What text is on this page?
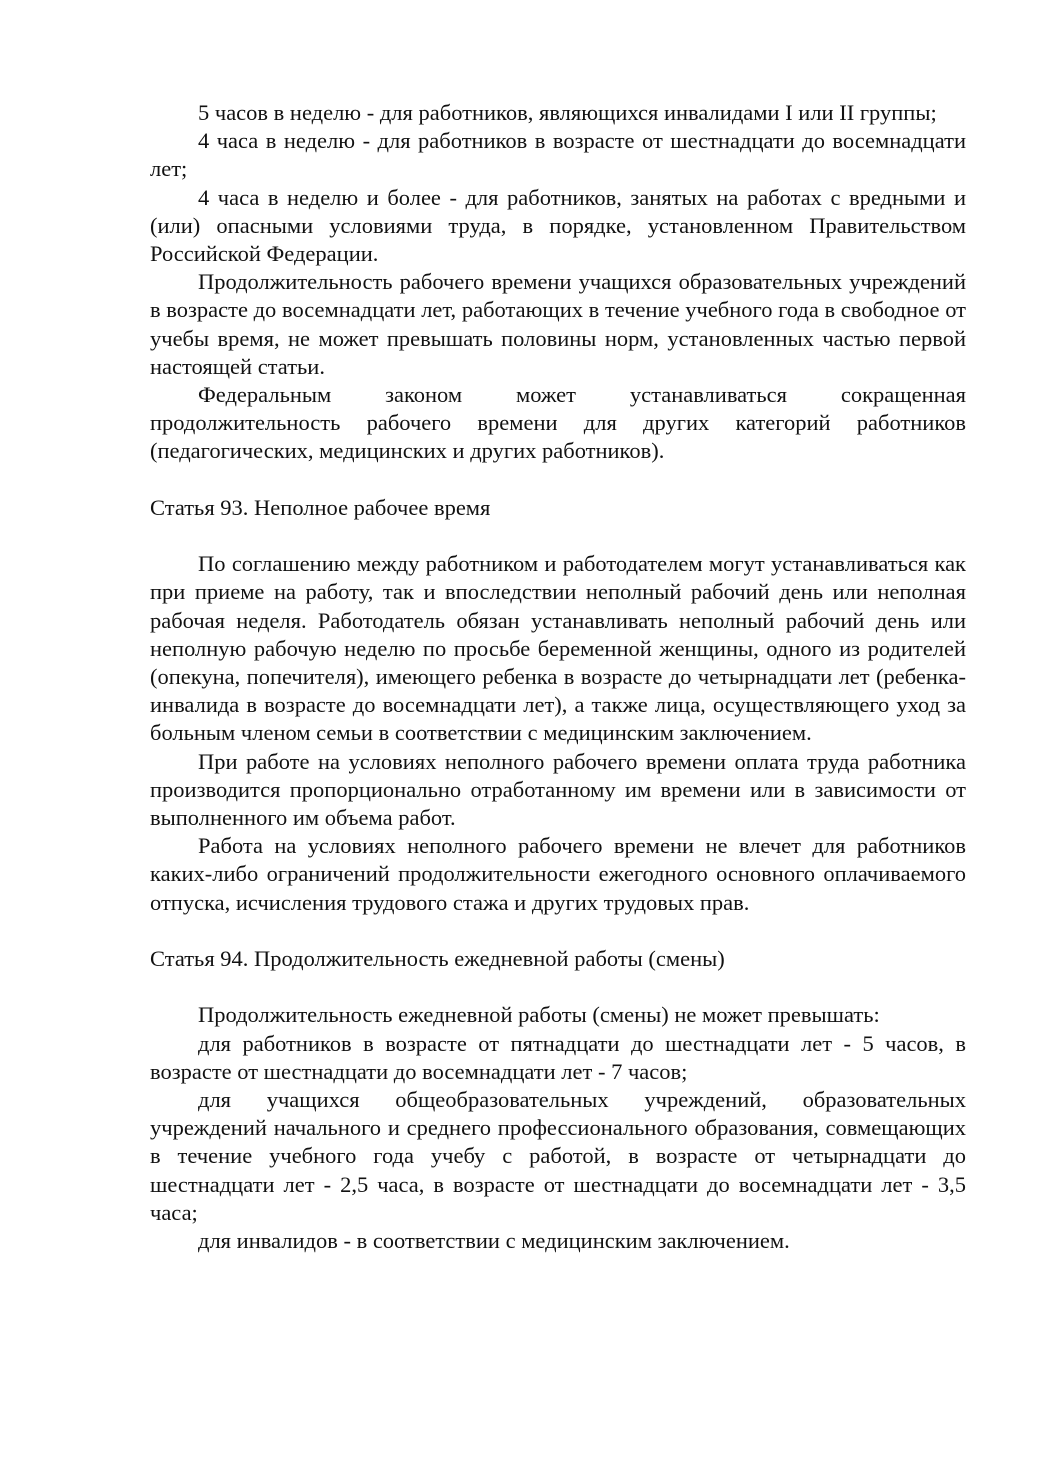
5 часов в неделю - для работников, являющихся инвалидами I или II группы;

4 часа в неделю - для работников в возрасте от шестнадцати до восемнадцати лет;

4 часа в неделю и более - для работников, занятых на работах с вредными и (или) опасными условиями труда, в порядке, установленном Правительством Российской Федерации.

Продолжительность рабочего времени учащихся образовательных учреждений в возрасте до восемнадцати лет, работающих в течение учебного года в свободное от учебы время, не может превышать половины норм, установленных частью первой настоящей статьи.

Федеральным законом может устанавливаться сокращенная продолжительность рабочего времени для других категорий работников (педагогических, медицинских и других работников).

Статья 93. Неполное рабочее время

По соглашению между работником и работодателем могут устанавливаться как при приеме на работу, так и впоследствии неполный рабочий день или неполная рабочая неделя. Работодатель обязан устанавливать неполный рабочий день или неполную рабочую неделю по просьбе беременной женщины, одного из родителей (опекуна, попечителя), имеющего ребенка в возрасте до четырнадцати лет (ребенка-инвалида в возрасте до восемнадцати лет), а также лица, осуществляющего уход за больным членом семьи в соответствии с медицинским заключением.

При работе на условиях неполного рабочего времени оплата труда работника производится пропорционально отработанному им времени или в зависимости от выполненного им объема работ.

Работа на условиях неполного рабочего времени не влечет для работников каких-либо ограничений продолжительности ежегодного основного оплачиваемого отпуска, исчисления трудового стажа и других трудовых прав.

Статья 94. Продолжительность ежедневной работы (смены)

Продолжительность ежедневной работы (смены) не может превышать:

для работников в возрасте от пятнадцати до шестнадцати лет - 5 часов, в возрасте от шестнадцати до восемнадцати лет - 7 часов;

для учащихся общеобразовательных учреждений, образовательных учреждений начального и среднего профессионального образования, совмещающих в течение учебного года учебу с работой, в возрасте от четырнадцати до шестнадцати лет - 2,5 часа, в возрасте от шестнадцати до восемнадцати лет - 3,5 часа;

для инвалидов - в соответствии с медицинским заключением.
